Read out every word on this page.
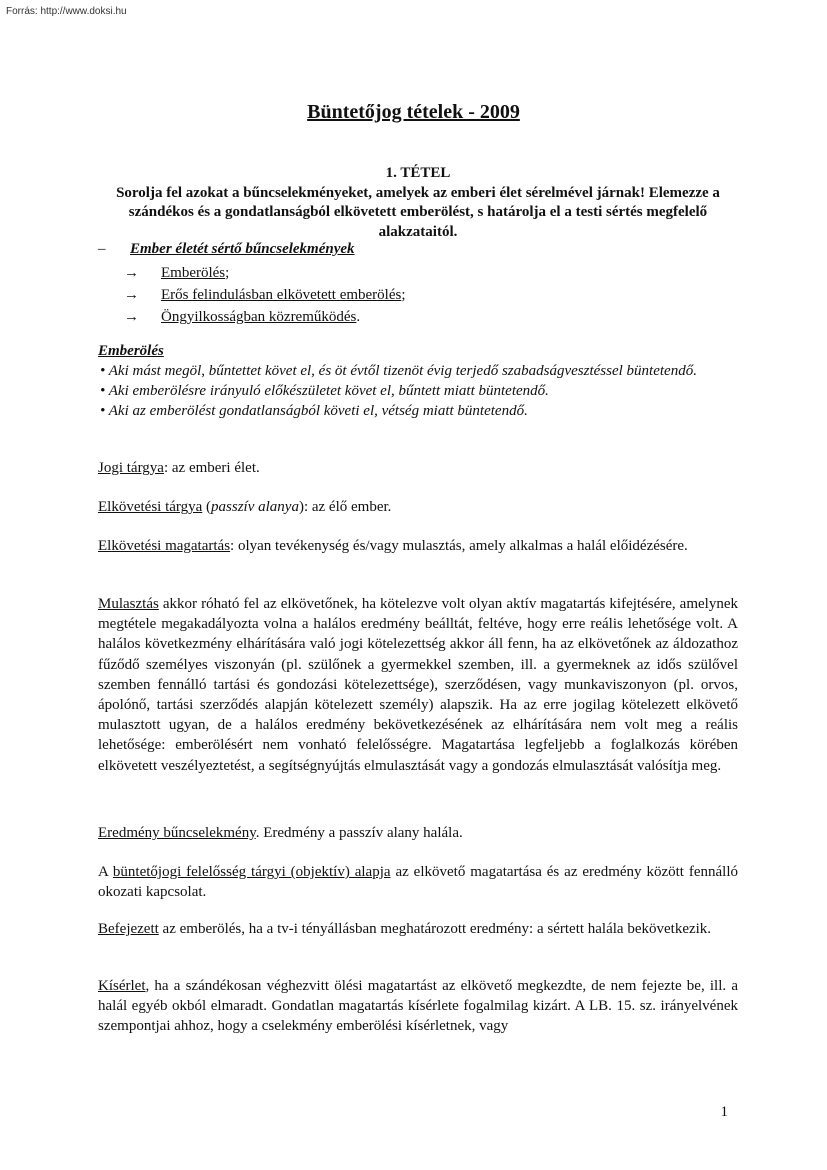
Forrás: http://www.doksi.hu
Büntetőjog tételek - 2009
1. TÉTEL
Sorolja fel azokat a bűncselekményeket, amelyek az emberi élet sérelmével járnak! Elemezze a szándékos és a gondatlanságból elkövetett emberölést, s határolja el a testi sértés megfelelő alakzataitól.
– Ember életét sértő bűncselekmények
→ Emberölés;
→ Erős felindulásban elkövetett emberölés;
→ Öngyilkosságban közreműködés.
Emberölés
• Aki mást megöl, bűntettet követ el, és öt évtől tizenöt évig terjedő szabadságvesztéssel büntetendő.
• Aki emberölésre irányuló előkészületet követ el, bűntett miatt büntetendő.
• Aki az emberölést gondatlanságból követi el, vétség miatt büntetendő.

Jogi tárgya: az emberi élet.

Elkövetési tárgya (passzív alanya): az élő ember.

Elkövetési magatartás: olyan tevékenység és/vagy mulasztás, amely alkalmas a halál előidézésére.

Mulasztás akkor róható fel az elkövetőnek, ha kötelezve volt olyan aktív magatartás kifejtésére, amelynek megtétele megakadályozta volna a halálos eredmény beálltát, feltéve, hogy erre reális lehetősége volt. A halálos következmény elhárítására való jogi kötelezettség akkor áll fenn, ha az elkövetőnek az áldozathoz fűződő személyes viszonyán (pl. szülőnek a gyermekkel szemben, ill. a gyermeknek az idős szülővel szemben fennálló tartási és gondozási kötelezettsége), szerződésen, vagy munkaviszonyon (pl. orvos, ápolónő, tartási szerződés alapján kötelezett személy) alapszik. Ha az erre jogilag kötelezett elkövető mulasztott ugyan, de a halálos eredmény bekövetkezésének az elhárítására nem volt meg a reális lehetősége: emberölésért nem vonható felelősségre. Magatartása legfeljebb a foglalkozás körében elkövetett veszélyeztetést, a segítségnyújtás elmulasztását vagy a gondozás elmulasztását valósítja meg.

Eredmény bűncselekmény. Eredmény a passzív alany halála.

A büntetőjogi felelősség tárgyi (objektív) alapja az elkövető magatartása és az eredmény között fennálló okozati kapcsolat.

Befejezett az emberölés, ha a tv-i tényállásban meghatározott eredmény: a sértett halála bekövetkezik.

Kísérlet, ha a szándékosan véghezvitt ölési magatartást az elkövető megkezdte, de nem fejezte be, ill. a halál egyéb okból elmaradt. Gondatlan magatartás kísérlete fogalmilag kizárt. A LB. 15. sz. irányelvének szempontjai ahhoz, hogy a cselekmény emberölési kísérletnek, vagy

1
